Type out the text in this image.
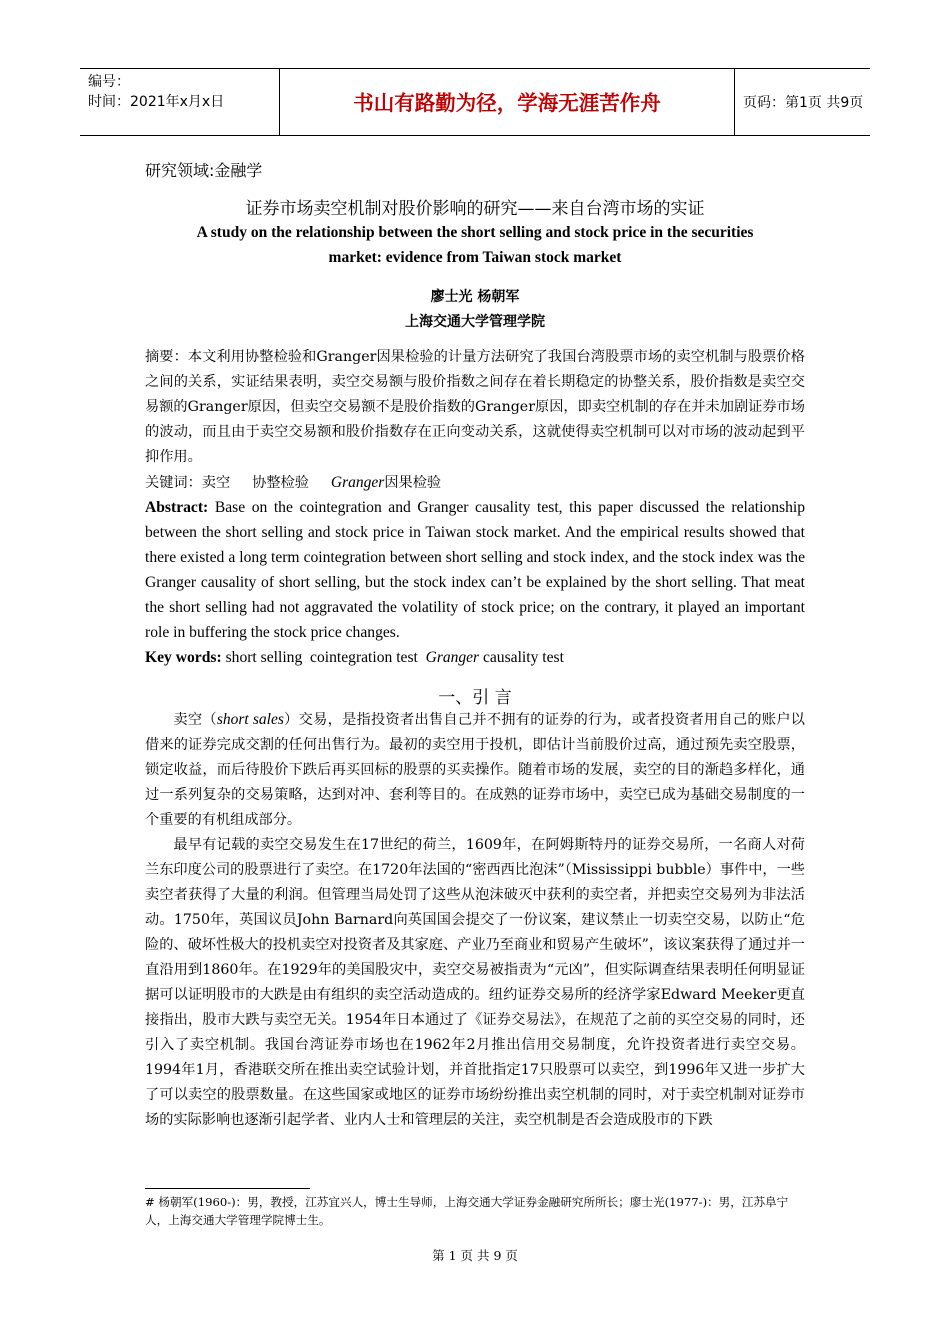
编号：
时间：2021年x月x日	书山有路勤为径，学海无涯苦作舟	页码：第1页 共9页
研究领域:金融学
证券市场卖空机制对股价影响的研究——来自台湾市场的实证
A study on the relationship between the short selling and stock price in the securities
market: evidence from Taiwan stock market
廖士光 杨朝军
上海交通大学管理学院

摘要：本文利用协整检验和Granger因果检验的计量方法研究了我国台湾股票市场的卖空机制与股票价格之间的关系，实证结果表明，卖空交易额与股价指数之间存在着长期稳定的协整关系，股价指数是卖空交易额的Granger原因，但卖空交易额不是股价指数的Granger原因，即卖空机制的存在并未加剧证券市场的波动，而且由于卖空交易额和股价指数存在正向变动关系，这就使得卖空机制可以对市场的波动起到平抑作用。

关键词：卖空 协整检验 Granger因果检验

Abstract: Base on the cointegration and Granger causality test, this paper discussed the relationship between the short selling and stock price in Taiwan stock market. And the empirical results showed that there existed a long term cointegration between short selling and stock index, and the stock index was the Granger causality of short selling, but the stock index can’t be explained by the short selling. That meat the short selling had not aggravated the volatility of stock price; on the contrary, it played an important role in buffering the stock price changes.

Key words: short selling cointegration test Granger causality test

一、引 言

卖空（short sales）交易，是指投资者出售自己并不拥有的证券的行为，或者投资者用自己的账户以借来的证券完成交割的任何出售行为。最初的卖空用于投机，即估计当前股价过高，通过预先卖空股票，锁定收益，而后待股价下跌后再买回标的股票的买卖操作。随着市场的发展，卖空的目的渐趋多样化，通过一系列复杂的交易策略，达到对冲、套利等目的。在成熟的证券市场中，卖空已成为基础交易制度的一个重要的有机组成部分。

最早有记载的卖空交易发生在17世纪的荷兰，1609年，在阿姆斯特丹的证券交易所，一名商人对荷兰东印度公司的股票进行了卖空。在1720年法国的“密西西比泡沫”（Mississippi bubble）事件中，一些卖空者获得了大量的利润。但管理当局处罚了这些从泡沫破灭中获利的卖空者，并把卖空交易列为非法活动。1750年，英国议员John Barnard向英国国会提交了一份议案，建议禁止一切卖空交易，以防止“危险的、破坏性极大的投机卖空对投资者及其家庭、产业乃至商业和贸易产生破坏”，该议案获得了通过并一直沿用到1860年。在1929年的美国股灾中，卖空交易被指责为“元凶”，但实际调查结果表明任何明显证据可以证明股市的大跌是由有组织的卖空活动造成的。纽约证券交易所的经济学家Edward Meeker更直接指出，股市大跌与卖空无关。1954年日本通过了《证券交易法》，在规范了之前的买空交易的同时，还引入了卖空机制。我国台湾证券市场也在1962年2月推出信用交易制度，允许投资者进行卖空交易。1994年1月，香港联交所在推出卖空试验计划，并首批指定17只股票可以卖空，到1996年又进一步扩大了可以卖空的股票数量。在这些国家或地区的证券市场纷纷推出卖空机制的同时，对于卖空机制对证券市场的实际影响也逐渐引起学者、业内人士和管理层的关注，卖空机制是否会造成股市的下跌

# 杨朝军(1960-)：男，教授，江苏宜兴人，博士生导师，上海交通大学证券金融研究所所长；廖士光(1977-)：男，江苏阜宁人，上海交通大学管理学院博士生。
第 1 页 共 9 页
